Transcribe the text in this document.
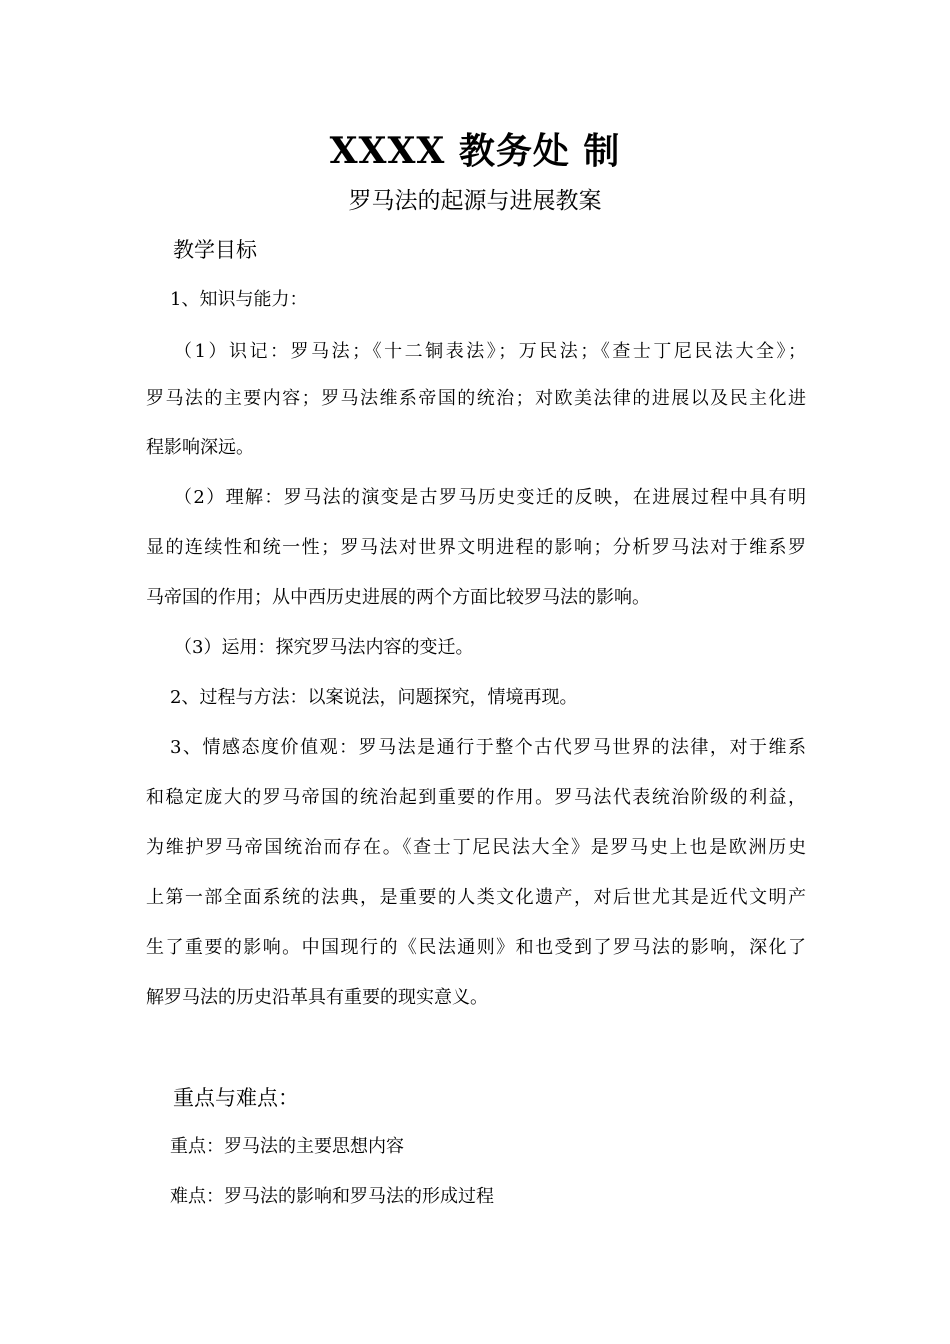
XXXX 教务处 制
罗马法的起源与进展教案
教学目标
1、知识与能力：
（1）识记：罗马法；《十二铜表法》；万民法；《查士丁尼民法大全》；
罗马法的主要内容；罗马法维系帝国的统治；对欧美法律的进展以及民主化进
程影响深远。
（2）理解：罗马法的演变是古罗马历史变迁的反映，在进展过程中具有明
显的连续性和统一性；罗马法对世界文明进程的影响；分析罗马法对于维系罗
马帝国的作用；从中西历史进展的两个方面比较罗马法的影响。
（3）运用：探究罗马法内容的变迁。
2、过程与方法：以案说法，问题探究，情境再现。
3、情感态度价值观：罗马法是通行于整个古代罗马世界的法律，对于维系
和稳定庞大的罗马帝国的统治起到重要的作用。罗马法代表统治阶级的利益，
为维护罗马帝国统治而存在。《查士丁尼民法大全》是罗马史上也是欧洲历史
上第一部全面系统的法典，是重要的人类文化遗产，对后世尤其是近代文明产
生了重要的影响。中国现行的《民法通则》和也受到了罗马法的影响，深化了
解罗马法的历史沿革具有重要的现实意义。
重点与难点：
重点：罗马法的主要思想内容
难点：罗马法的影响和罗马法的形成过程
